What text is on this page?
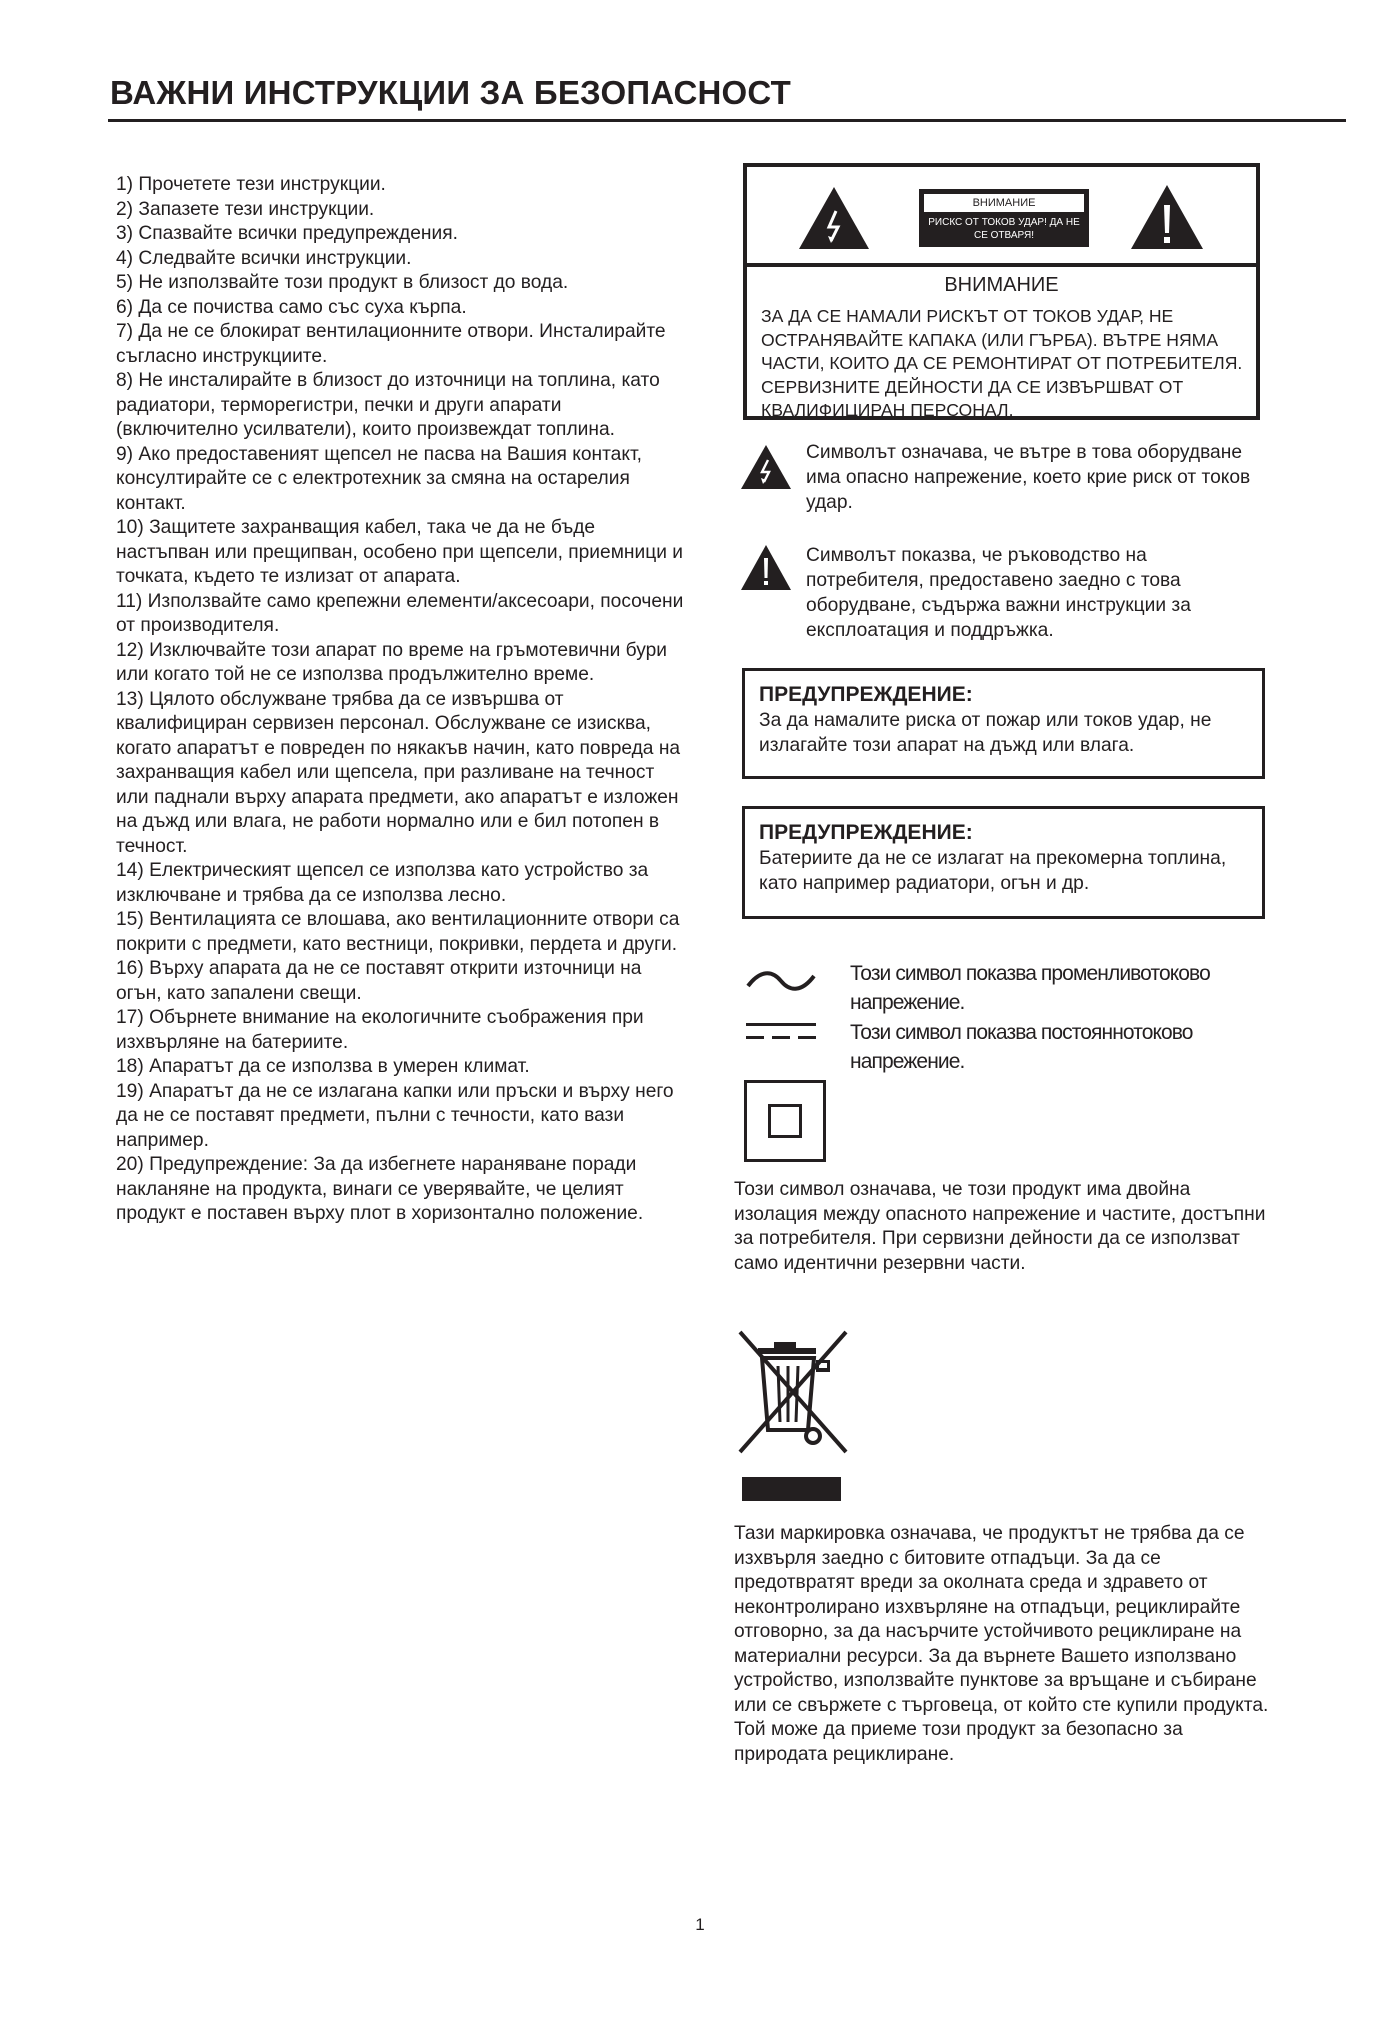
ВАЖНИ ИНСТРУКЦИИ ЗА БЕЗОПАСНОСТ

1) Прочетете тези инструкции.

2) Запазете тези инструкции.

3) Спазвайте всички предупреждения.

4) Следвайте всички инструкции.

5) Не използвайте този продукт в близост до вода.

6) Да се почиства само със суха кърпа.

7) Да не се блокират вентилационните отвори. Инсталирайте съгласно инструкциите.

8) Не инсталирайте в близост до източници на топлина, като радиатори, терморегистри, печки и други апарати (включително усилватели), които произвеждат топлина.

9) Ако предоставеният щепсел не пасва на Вашия контакт, консултирайте се с електротехник за смяна на остарелия контакт.

10) Защитете захранващия кабел, така че да не бъде настъпван или прещипван, особено при щепсели, приемници и точката, където те излизат от апарата.

11) Използвайте само крепежни елементи/аксесоари, посочени от производителя.

12) Изключвайте този апарат по време на гръмотевични бури или когато той не се използва продължително време.

13) Цялото обслужване трябва да се извършва от квалифициран сервизен персонал. Обслужване се изисква, когато апаратът е повреден по някакъв начин, като повреда на захранващия кабел или щепсела, при разливане на течност или паднали върху апарата предмети, ако апаратът е изложен на дъжд или влага, не работи нормално или е бил потопен в течност.

14) Електрическият щепсел се използва като устройство за изключване и трябва да се използва лесно.

15) Вентилацията се влошава, ако вентилационните отвори са покрити с предмети, като вестници, покривки, пердета и други.

16) Върху апарата да не се поставят открити източници на огън, като запалени свещи.

17) Обърнете внимание на екологичните съображения при изхвърляне на батериите.

18) Апаратът да се използва в умерен климат.

19) Апаратът да не се излагана капки или пръски и върху него да не се поставят предмети, пълни с течности, като вази например.

20) Предупреждение: За да избегнете нараняване поради накланяне на продукта, винаги се уверявайте, че целият продукт е поставен върху плот в хоризонтално положение.

ВНИМАНИЕ
РИСКС ОТ ТОКОВ УДАР! ДА НЕ СЕ ОТВАРЯ!
ВНИМАНИЕ
ЗА ДА СЕ НАМАЛИ РИСКЪТ ОТ ТОКОВ УДАР, НЕ ОСТРАНЯВАЙТЕ КАПАКА (ИЛИ ГЪРБА). ВЪТРЕ НЯМА ЧАСТИ, КОИТО ДА СЕ РЕМОНТИРАТ ОТ ПОТРЕБИТЕЛЯ. СЕРВИЗНИТЕ ДЕЙНОСТИ ДА СЕ ИЗВЪРШВАТ ОТ КВАЛИФИЦИРАН ПЕРСОНАЛ.
Символът означава, че вътре в това оборудване има опасно напрежение, което крие риск от токов удар.
Символът показва, че ръководство на потребителя, предоставено заедно с това оборудване, съдържа важни инструкции за експлоатация и поддръжка.
ПРЕДУПРЕЖДЕНИЕ:
За да намалите риска от пожар или токов удар, не излагайте този апарат на дъжд или влага.
ПРЕДУПРЕЖДЕНИЕ:
Батериите да не се излагат на прекомерна топлина, като например радиатори, огън и др.
Този символ показва променливотоково напрежение.
Този символ показва постояннотоково напрежение.
Този символ означава, че този продукт има двойна изолация между опасното напрежение и частите, достъпни за потребителя. При сервизни дейности да се използват само идентични резервни части.
Тази маркировка означава, че продуктът не трябва да се изхвърля заедно с битовите отпадъци. За да се предотвратят вреди за околната среда и здравето от неконтролирано изхвърляне на отпадъци, рециклирайте отговорно, за да насърчите устойчивото рециклиране на материални ресурси. За да върнете Вашето използвано устройство, използвайте пунктове за връщане и събиране или се свържете с търговеца, от който сте купили продукта. Той може да приеме този продукт за безопасно за природата рециклиране.
1
